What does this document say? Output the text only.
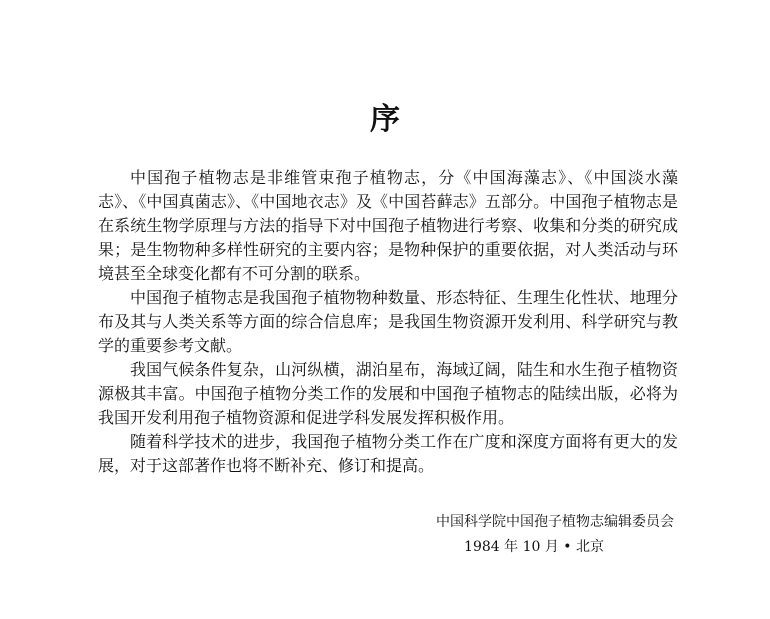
序

中国孢子植物志是非维管束孢子植物志，分《中国海藻志》、《中国淡水藻志》、《中国真菌志》、《中国地衣志》及《中国苔藓志》五部分。中国孢子植物志是在系统生物学原理与方法的指导下对中国孢子植物进行考察、收集和分类的研究成果；是生物物种多样性研究的主要内容；是物种保护的重要依据，对人类活动与环境甚至全球变化都有不可分割的联系。

中国孢子植物志是我国孢子植物物种数量、形态特征、生理生化性状、地理分布及其与人类关系等方面的综合信息库；是我国生物资源开发利用、科学研究与教学的重要参考文献。

我国气候条件复杂，山河纵横，湖泊星布，海域辽阔，陆生和水生孢子植物资源极其丰富。中国孢子植物分类工作的发展和中国孢子植物志的陆续出版，必将为我国开发利用孢子植物资源和促进学科发展发挥积极作用。

随着科学技术的进步，我国孢子植物分类工作在广度和深度方面将有更大的发展，对于这部著作也将不断补充、修订和提高。

中国科学院中国孢子植物志编辑委员会
1984 年 10 月 • 北京
